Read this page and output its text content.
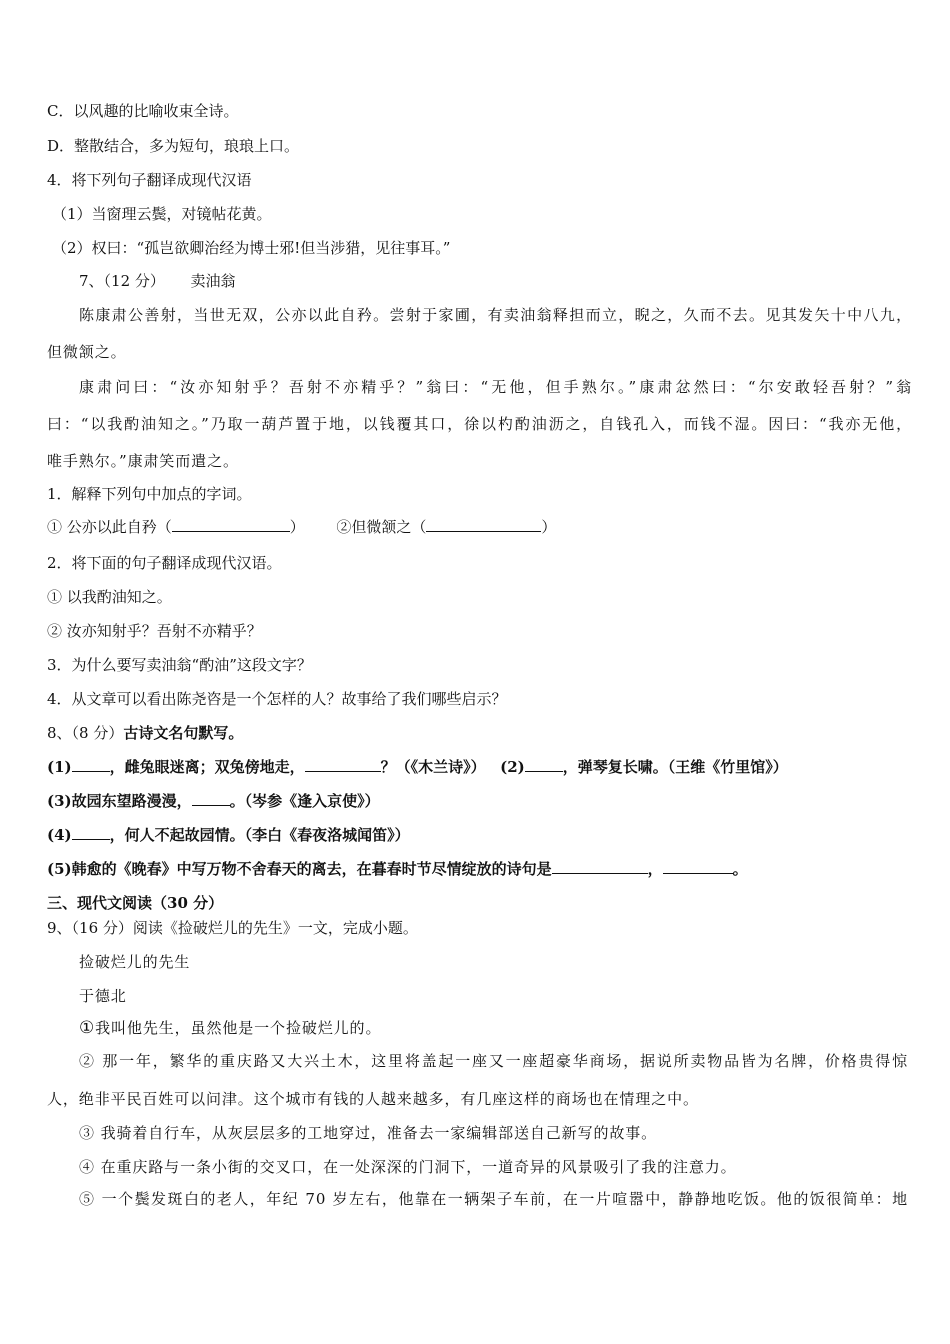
C．以风趣的比喻收束全诗。
D．整散结合，多为短句，琅琅上口。
4．将下列句子翻译成现代汉语
（1）当窗理云鬓，对镜帖花黄。
（2）权曰：“孤岂欲卿治经为博士邪!但当涉猎，见往事耳。”
7、（12 分） 卖油翁
陈康肃公善射，当世无双，公亦以此自矜。尝射于家圃，有卖油翁释担而立，睨之，久而不去。见其发矢十中八九，
但微颔之。
康肃问曰：“汝亦知射乎？吾射不亦精乎？”翁曰：“无他，但手熟尔。”康肃忿然曰：“尔安敢轻吾射？”翁
曰：“以我酌油知之。”乃取一葫芦置于地，以钱覆其口，徐以杓酌油沥之，自钱孔入，而钱不湿。因曰：“我亦无他，
唯手熟尔。”康肃笑而遣之。
1．解释下列句中加点的字词。
① 公亦以此自矜（	） ②但微颔之（	）
2．将下面的句子翻译成现代汉语。
① 以我酌油知之。
② 汝亦知射乎？吾射不亦精乎？
3．为什么要写卖油翁“酌油”这段文字？
4．从文章可以看出陈尧咨是一个怎样的人？故事给了我们哪些启示？
8、（8 分）古诗文名句默写。
(1)	，雌兔眼迷离；双兔傍地走，	？（《木兰诗》） (2)	，弹琴复长啸。（王维《竹里馆》）
(3)故园东望路漫漫，	。（岑参《逢入京使》）
(4)	，何人不起故园情。（李白《春夜洛城闻笛》）
(5)韩愈的《晚春》中写万物不舍春天的离去，在暮春时节尽情绽放的诗句是	，	。
三、现代文阅读（30 分）
9、（16 分）阅读《捡破烂儿的先生》一文，完成小题。
捡破烂儿的先生
于德北
①我叫他先生，虽然他是一个捡破烂儿的。
② 那一年，繁华的重庆路又大兴土木，这里将盖起一座又一座超豪华商场，据说所卖物品皆为名牌，价格贵得惊
人，绝非平民百姓可以问津。这个城市有钱的人越来越多，有几座这样的商场也在情理之中。
③ 我骑着自行车，从灰层层多的工地穿过，准备去一家编辑部送自己新写的故事。
④ 在重庆路与一条小街的交叉口，在一处深深的门洞下，一道奇异的风景吸引了我的注意力。
⑤ 一个鬓发斑白的老人，年纪 70 岁左右，他靠在一辆架子车前，在一片喧嚣中，静静地吃饭。他的饭很简单：地
